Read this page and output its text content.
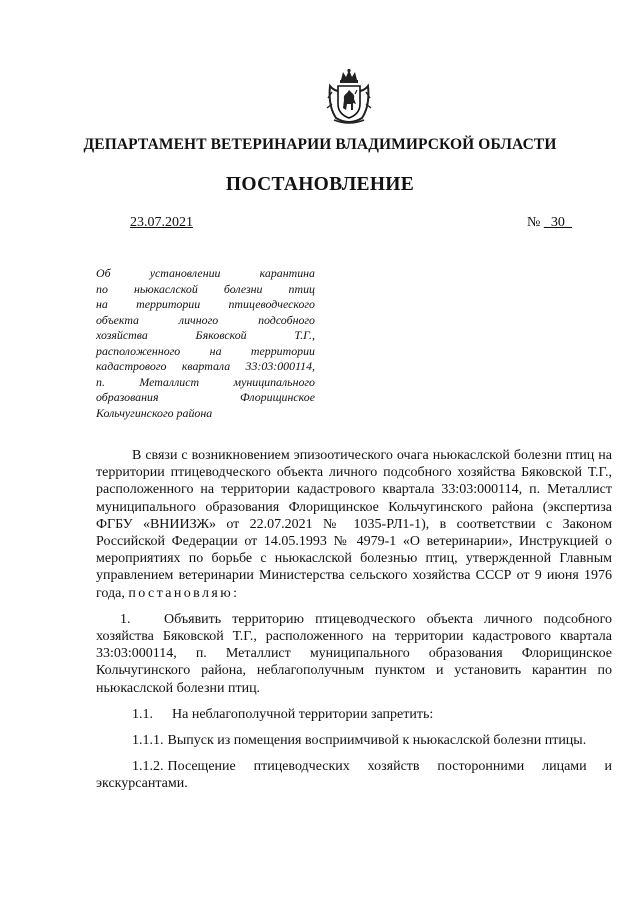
ДЕПАРТАМЕНТ ВЕТЕРИНАРИИ ВЛАДИМИРСКОЙ ОБЛАСТИ
ПОСТАНОВЛЕНИЕ
23.07.2021	№ _30_
Об установлении карантина
по ньюкаслской болезни птиц
на территории птицеводческого
объекта личного подсобного
хозяйства Бяковской Т.Г.,
расположенного на территории
кадастрового квартала 33:03:000114,
п. Металлист муниципального
образования Флорищинское
Кольчугинского района

В связи с возникновением эпизоотического очага ньюкаслской болезни птиц на территории птицеводческого объекта личного подсобного хозяйства Бяковской Т.Г., расположенного на территории кадастрового квартала 33:03:000114, п. Металлист муниципального образования Флорищинское Кольчугинского района (экспертиза ФГБУ «ВНИИЗЖ» от 22.07.2021 № 1035-РЛ1-1), в соответствии с Законом Российской Федерации от 14.05.1993 № 4979-1 «О ветеринарии», Инструкцией о мероприятиях по борьбе с ньюкаслской болезнью птиц, утвержденной Главным управлением ветеринарии Министерства сельского хозяйства СССР от 9 июня 1976 года, постановляю:

1. Объявить территорию птицеводческого объекта личного подсобного хозяйства Бяковской Т.Г., расположенного на территории кадастрового квартала 33:03:000114, п. Металлист муниципального образования Флорищинское Кольчугинского района, неблагополучным пунктом и установить карантин по ньюкаслской болезни птиц.

1.1. На неблагополучной территории запретить:

1.1.1. Выпуск из помещения восприимчивой к ньюкаслской болезни птицы.

1.1.2. Посещение птицеводческих хозяйств посторонними лицами и экскурсантами.
